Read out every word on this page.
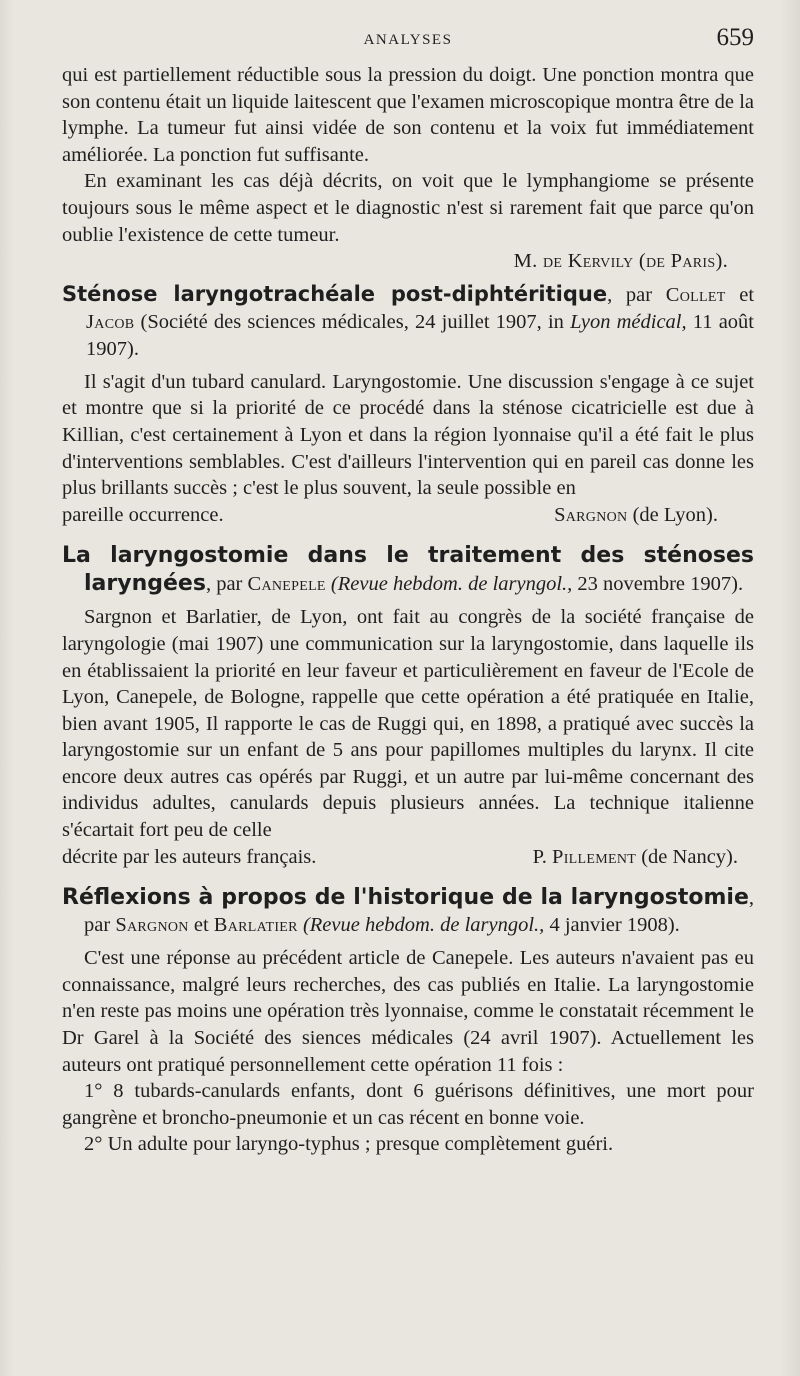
ANALYSES	659

qui est partiellement réductible sous la pression du doigt. Une ponction montra que son contenu était un liquide laitescent que l'examen microscopique montra être de la lymphe. La tumeur fut ainsi vidée de son contenu et la voix fut immédiatement améliorée. La ponction fut suffisante.

En examinant les cas déjà décrits, on voit que le lymphangiome se présente toujours sous le même aspect et le diagnostic n'est si rarement fait que parce qu'on oublie l'existence de cette tumeur.

M. de Kervily (de Paris).
Sténose laryngotrachéale post-diphtéritique, par Collet et Jacob (Société des sciences médicales, 24 juillet 1907, in Lyon médical, 11 août 1907).

Il s'agit d'un tubard canulard. Laryngostomie. Une discussion s'engage à ce sujet et montre que si la priorité de ce procédé dans la sténose cicatricielle est due à Killian, c'est certainement à Lyon et dans la région lyonnaise qu'il a été fait le plus d'interventions semblables. C'est d'ailleurs l'intervention qui en pareil cas donne les plus brillants succès ; c'est le plus souvent, la seule possible en

pareille occurrence.	Sargnon (de Lyon).
La laryngostomie dans le traitement des sténoses laryngées, par Canepele (Revue hebdom. de laryngol., 23 novembre 1907).

Sargnon et Barlatier, de Lyon, ont fait au congrès de la société française de laryngologie (mai 1907) une communication sur la laryngostomie, dans laquelle ils en établissaient la priorité en leur faveur et particulièrement en faveur de l'Ecole de Lyon, Canepele, de Bologne, rappelle que cette opération a été pratiquée en Italie, bien avant 1905, Il rapporte le cas de Ruggi qui, en 1898, a pratiqué avec succès la laryngostomie sur un enfant de 5 ans pour papillomes multiples du larynx. Il cite encore deux autres cas opérés par Ruggi, et un autre par lui-même concernant des individus adultes, canulards depuis plusieurs années. La technique italienne s'écartait fort peu de celle

décrite par les auteurs français.	P. Pillement (de Nancy).
Réflexions à propos de l'historique de la laryngostomie, par Sargnon et Barlatier (Revue hebdom. de laryngol., 4 janvier 1908).

C'est une réponse au précédent article de Canepele. Les auteurs n'avaient pas eu connaissance, malgré leurs recherches, des cas publiés en Italie. La laryngostomie n'en reste pas moins une opération très lyonnaise, comme le constatait récemment le Dr Garel à la Société des siences médicales (24 avril 1907). Actuellement les auteurs ont pratiqué personnellement cette opération 11 fois :

1° 8 tubards-canulards enfants, dont 6 guérisons définitives, une mort pour gangrène et broncho-pneumonie et un cas récent en bonne voie.

2° Un adulte pour laryngo-typhus ; presque complètement guéri.
